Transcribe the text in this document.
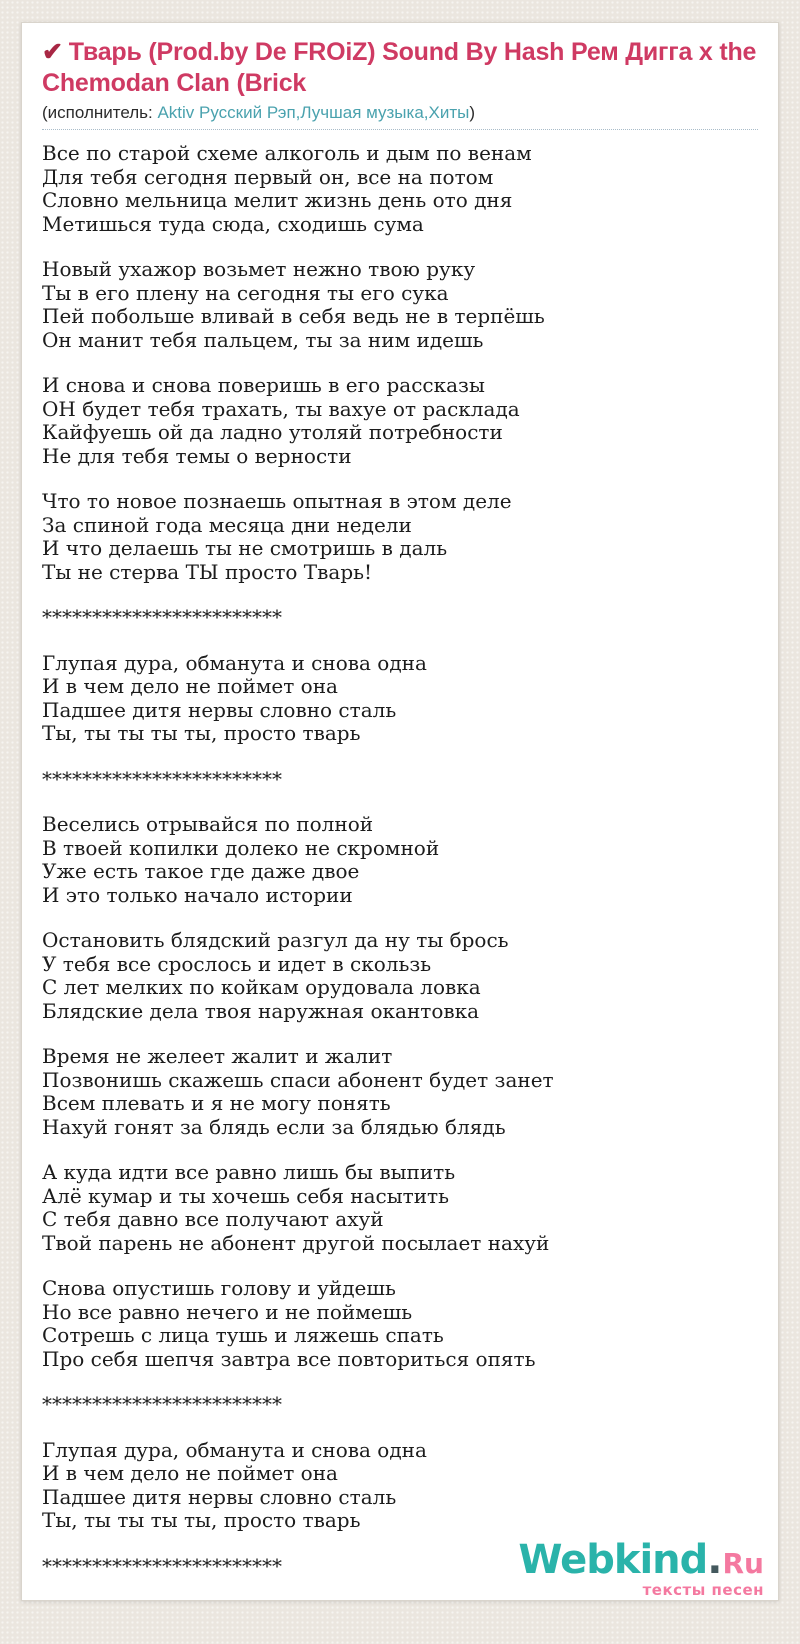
✔ Тварь (Prod.by De FROiZ) Sound By Hash Рем Дигга x the Chemodan Clan (Brick
(исполнитель: Aktiv Русский Рэп,Лучшая музыка,Хиты)
Все по старой схеме алкоголь и дым по венам
Для тебя сегодня первый он, все на потом
Словно мельница мелит жизнь день ото дня
Метишься туда сюда, сходишь сума
Новый ухажор возьмет нежно твою руку
Ты в его плену на сегодня ты его сука
Пей побольше вливай в себя ведь не в терпёшь
Он манит тебя пальцем, ты за ним идешь
И снова и снова поверишь в его рассказы
ОН будет тебя трахать, ты вахуе от расклада
Кайфуешь ой да ладно утоляй потребности
Не для тебя темы о верности
Что то новое познаешь опытная в этом деле
За спиной года месяца дни недели
И что делаешь ты не смотришь в даль
Ты не стерва ТЫ просто Тварь!
************************
Глупая дура, обманута и снова одна
И в чем дело не поймет она
Падшее дитя нервы словно сталь
Ты, ты ты ты ты, просто тварь
************************
Веселись отрывайся по полной
В твоей копилки долеко не скромной
Уже есть такое где даже двое
И это только начало истории
Остановить блядский разгул да ну ты брось
У тебя все срослось и идет в скользь
С лет мелких по койкам орудовала ловка
Блядские дела твоя наружная окантовка
Время не желеет жалит и жалит
Позвонишь скажешь спаси абонент будет занет
Всем плевать и я не могу понять
Нахуй гонят за блядь если за блядью блядь
А куда идти все равно лишь бы выпить
Алё кумар и ты хочешь себя насытить
С тебя давно все получают ахуй
Твой парень не абонент другой посылает нахуй
Снова опустишь голову и уйдешь
Но все равно нечего и не поймешь
Сотрешь с лица тушь и ляжешь спать
Про себя шепчя завтра все повториться опять
************************
Глупая дура, обманута и снова одна
И в чем дело не поймет она
Падшее дитя нервы словно сталь
Ты, ты ты ты ты, просто тварь
************************	Webkind.Ru
тексты песен
